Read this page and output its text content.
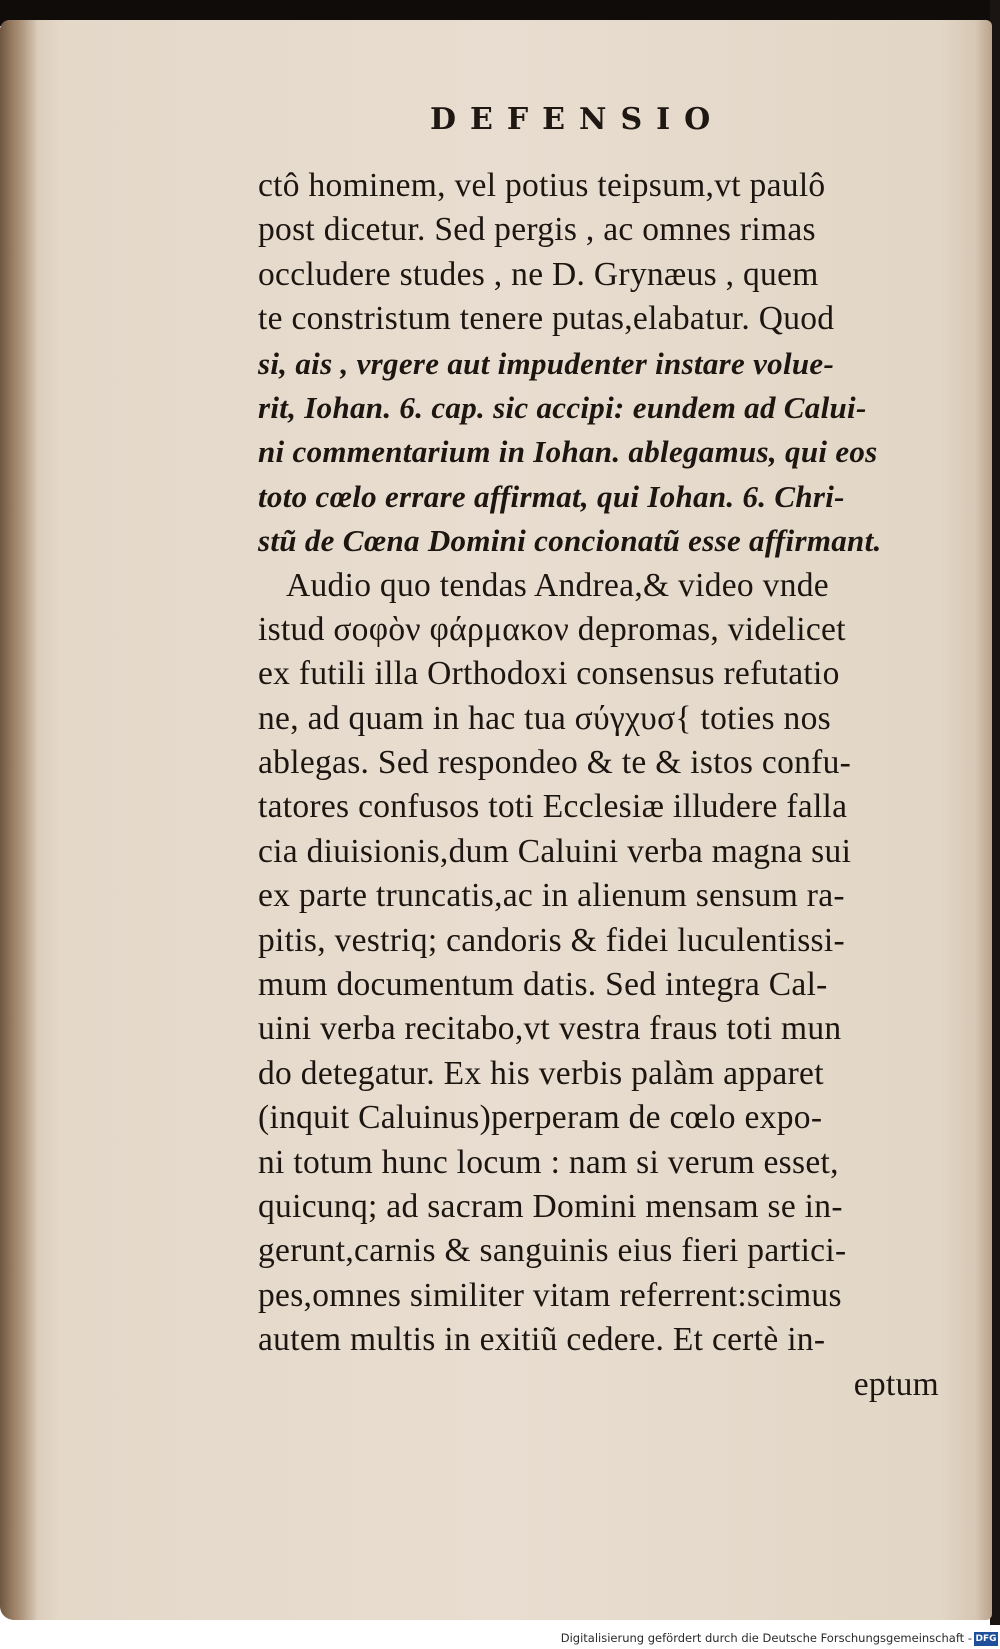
DEFENSIO
ctô hominem, vel potius teipsum,vt paulô
post dicetur. Sed pergis , ac omnes rimas
occludere studes , ne D. Grynæus , quem
te constristum tenere putas,elabatur. Quod
si, ais , vrgere aut impudenter instare volue-
rit, Iohan. 6. cap. sic accipi: eundem ad Calui-
ni commentarium in Iohan. ablegamus, qui eos
toto cœlo errare affirmat, qui Iohan. 6. Chri-
stũ de Cœna Domini concionatũ esse affirmant.
Audio quo tendas Andrea,& video vnde
istud σοφὸν φάρμακον depromas, videlicet
ex futili illa Orthodoxi consensus refutatio
ne, ad quam in hac tua σύγχυσ{ toties nos
ablegas. Sed respondeo & te & istos confu-
tatores confusos toti Ecclesiæ illudere falla
cia diuisionis,dum Caluini verba magna sui
ex parte truncatis,ac in alienum sensum ra-
pitis, vestriq; candoris & fidei luculentissi-
mum documentum datis. Sed integra Cal-
uini verba recitabo,vt vestra fraus toti mun
do detegatur. Ex his verbis palàm apparet
(inquit Caluinus)perperam de cœlo expo-
ni totum hunc locum : nam si verum esset,
quicunq; ad sacram Domini mensam se in-
gerunt,carnis & sanguinis eius fieri partici-
pes,omnes similiter vitam referrent:scimus
autem multis in exitiũ cedere. Et certè in-
eptum
Digitalisierung gefördert durch die Deutsche Forschungsgemeinschaft - DFG
